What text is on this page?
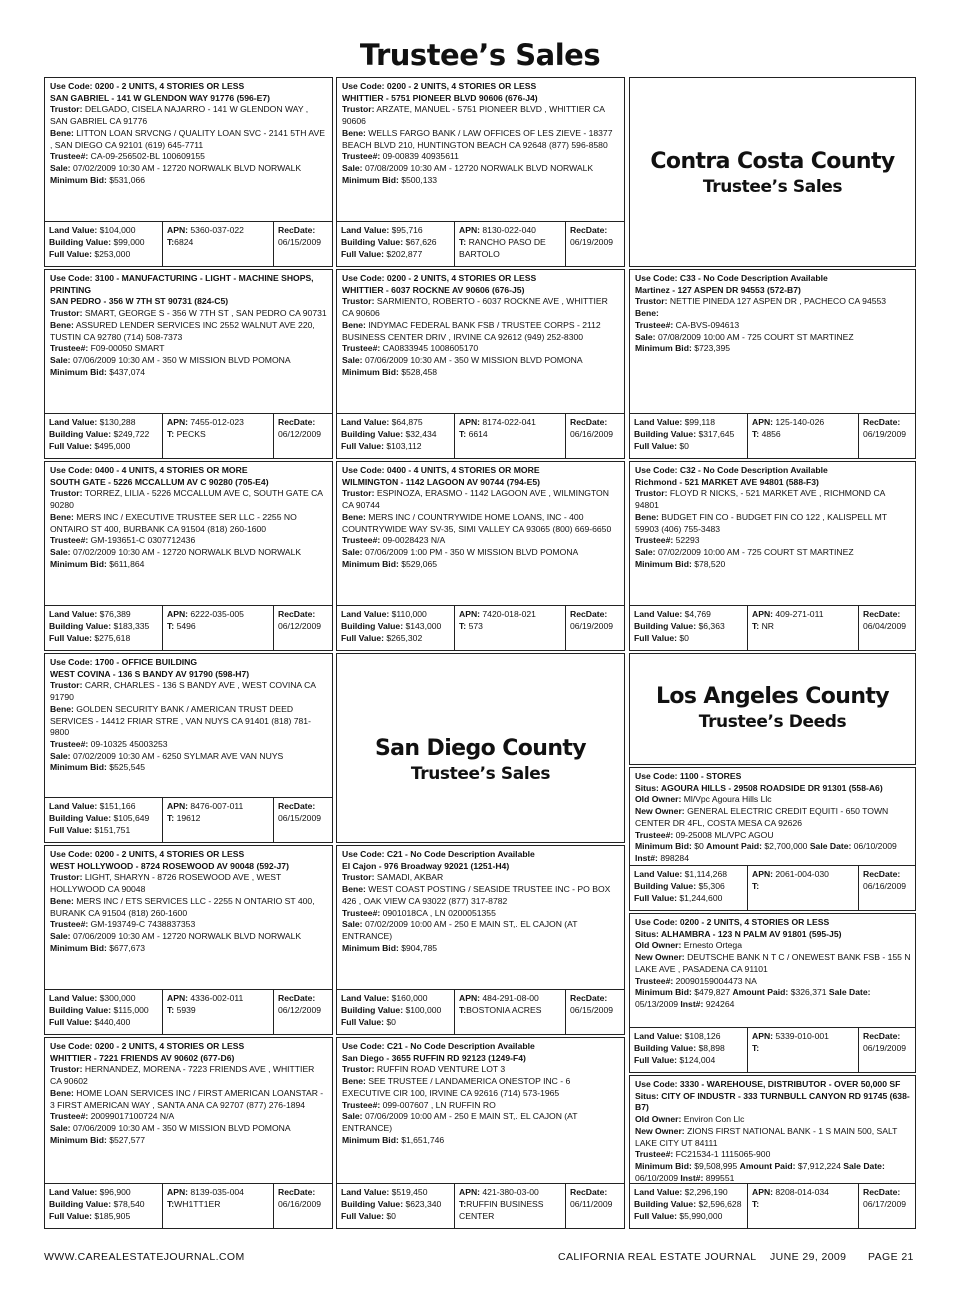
Trustee’s Sales
Use Code: 0200 - 2 UNITS, 4 STORIES OR LESS
SAN GABRIEL - 141 W GLENDON WAY 91776 (596-E7)
Trustor: DELGADO, CISELA NAJARRO - 141 W GLENDON WAY , SAN GABRIEL CA 91776
Bene: LITTON LOAN SRVCNG / QUALITY LOAN SVC - 2141 5TH AVE , SAN DIEGO CA 92101 (619) 645-7711
Trustee#: CA-09-256502-BL 100609155
Sale: 07/02/2009 10:30 AM - 12720 NORWALK BLVD NORWALK
Minimum Bid: $531,066
Land Value: $104,000
Building Value: $99,000
Full Value: $253,000
APN: 5360-037-022
T:6824
RecDate:
06/15/2009
Use Code: 0200 - 2 UNITS, 4 STORIES OR LESS
WHITTIER - 5751 PIONEER BLVD 90606 (676-J4)
Trustor: ARZATE, MANUEL - 5751 PIONEER BLVD , WHITTIER CA 90606
Bene: WELLS FARGO BANK / LAW OFFICES OF LES ZIEVE - 18377 BEACH BLVD 210, HUNTINGTON BEACH CA 92648 (877) 596-8580
Trustee#: 09-00839 40935611
Sale: 07/08/2009 10:30 AM - 12720 NORWALK BLVD NORWALK
Minimum Bid: $500,133
Land Value: $95,716
Building Value: $67,626
Full Value: $202,877
APN: 8130-022-040
T: RANCHO PASO DE BARTOLO
RecDate:
06/19/2009
Contra Costa County
Trustee’s Sales
Use Code: 3100 - MANUFACTURING - LIGHT - MACHINE SHOPS, PRINTING
SAN PEDRO - 356 W 7TH ST 90731 (824-C5)
Trustor: SMART, GEORGE S - 356 W 7TH ST , SAN PEDRO CA 90731
Bene: ASSURED LENDER SERVICES INC 2552 WALNUT AVE 220, TUSTIN CA 92780 (714) 508-7373
Trustee#: F09-00050 SMART
Sale: 07/06/2009 10:30 AM - 350 W MISSION BLVD POMONA
Minimum Bid: $437,074
Land Value: $130,288
Building Value: $249,722
Full Value: $495,000
APN: 7455-012-023
T: PECKS
RecDate:
06/12/2009
Use Code: 0200 - 2 UNITS, 4 STORIES OR LESS
WHITTIER - 6037 ROCKNE AV 90606 (676-J5)
Trustor: SARMIENTO, ROBERTO - 6037 ROCKNE AVE , WHITTIER CA 90606
Bene: INDYMAC FEDERAL BANK FSB / TRUSTEE CORPS - 2112 BUSINESS CENTER DRIV , IRVINE CA 92612 (949) 252-8300
Trustee#: CA0833945 1008605170
Sale: 07/06/2009 10:30 AM - 350 W MISSION BLVD POMONA
Minimum Bid: $528,458
Land Value: $64,875
Building Value: $32,434
Full Value: $103,112
APN: 8174-022-041
T: 6614
RecDate:
06/16/2009
Use Code: C33 - No Code Description Available
Martinez - 127 ASPEN DR 94553 (572-B7)
Trustor: NETTIE PINEDA 127 ASPEN DR , PACHECO CA 94553
Bene:
Trustee#: CA-BVS-094613
Sale: 07/08/2009 10:00 AM - 725 COURT ST MARTINEZ
Minimum Bid: $723,395
Land Value: $99,118
Building Value: $317,645
Full Value: $0
APN: 125-140-026
T: 4856
RecDate:
06/19/2009
Use Code: 0400 - 4 UNITS, 4 STORIES OR MORE
SOUTH GATE - 5226 MCCALLUM AV C 90280 (705-E4)
Trustor: TORREZ, LILIA - 5226 MCCALLUM AVE C, SOUTH GATE CA 90280
Bene: MERS INC / EXECUTIVE TRUSTEE SER LLC - 2255 NO ONTAIRO ST 400, BURBANK CA 91504 (818) 260-1600
Trustee#: GM-193651-C 0307712436
Sale: 07/02/2009 10:30 AM - 12720 NORWALK BLVD NORWALK
Minimum Bid: $611,864
Land Value: $76,389
Building Value: $183,335
Full Value: $275,618
APN: 6222-035-005
T: 5496
RecDate:
06/12/2009
Use Code: 0400 - 4 UNITS, 4 STORIES OR MORE
WILMINGTON - 1142 LAGOON AV 90744 (794-E5)
Trustor: ESPINOZA, ERASMO - 1142 LAGOON AVE , WILMINGTON CA 90744
Bene: MERS INC / COUNTRYWIDE HOME LOANS, INC - 400 COUNTRYWIDE WAY SV-35, SIMI VALLEY CA 93065 (800) 669-6650
Trustee#: 09-0028423 N/A
Sale: 07/06/2009 1:00 PM - 350 W MISSION BLVD POMONA
Minimum Bid: $529,065
Land Value: $110,000
Building Value: $143,000
Full Value: $265,302
APN: 7420-018-021
T: 573
RecDate:
06/19/2009
Use Code: C32 - No Code Description Available
Richmond - 521 MARKET AVE 94801 (588-F3)
Trustor: FLOYD R NICKS, - 521 MARKET AVE , RICHMOND CA 94801
Bene: BUDGET FIN CO - BUDGET FIN CO 122 , KALISPELL MT 59903 (406) 755-3483
Trustee#: 52293
Sale: 07/02/2009 10:00 AM - 725 COURT ST MARTINEZ
Minimum Bid: $78,520
Land Value: $4,769
Building Value: $6,363
Full Value: $0
APN: 409-271-011
T: NR
RecDate:
06/04/2009
Use Code: 1700 - OFFICE BUILDING
WEST COVINA - 136 S BANDY AV 91790 (598-H7)
Trustor: CARR, CHARLES - 136 S BANDY AVE , WEST COVINA CA 91790
Bene: GOLDEN SECURITY BANK / AMERICAN TRUST DEED SERVICES - 14412 FRIAR STRE , VAN NUYS CA 91401 (818) 781-9800
Trustee#: 09-10325 45003253
Sale: 07/02/2009 10:30 AM - 6250 SYLMAR AVE VAN NUYS
Minimum Bid: $525,545
Land Value: $151,166
Building Value: $105,649
Full Value: $151,751
APN: 8476-007-011
T: 19612
RecDate:
06/15/2009
San Diego County
Trustee’s Sales
Los Angeles County
Trustee’s Deeds
Use Code: 1100 - STORES
Situs: AGOURA HILLS - 29508 ROADSIDE DR 91301 (558-A6)
Old Owner: Ml/Vpc Agoura Hills Llc
New Owner: GENERAL ELECTRIC CREDIT EQUITI - 650 TOWN CENTER DR 4FL, COSTA MESA CA 92626
Trustee#: 09-25008 ML/VPC AGOU
Minimum Bid: $0 Amount Paid: $2,700,000 Sale Date: 06/10/2009 Inst#: 898284
Land Value: $1,114,268
Building Value: $5,306
Full Value: $1,244,600
APN: 2061-004-030
T:
RecDate:
06/16/2009
Use Code: 0200 - 2 UNITS, 4 STORIES OR LESS
WEST HOLLYWOOD - 8724 ROSEWOOD AV 90048 (592-J7)
Trustor: LIGHT, SHARYN - 8726 ROSEWOOD AVE , WEST HOLLYWOOD CA 90048
Bene: MERS INC / ETS SERVICES LLC - 2255 N ONTARIO ST 400, BURANK CA 91504 (818) 260-1600
Trustee#: GM-193749-C 7438837353
Sale: 07/06/2009 10:30 AM - 12720 NORWALK BLVD NORWALK
Minimum Bid: $677,673
Land Value: $300,000
Building Value: $115,000
Full Value: $440,400
APN: 4336-002-011
T: 5939
RecDate:
06/12/2009
Use Code: C21 - No Code Description Available
El Cajon - 976 Broadway 92021 (1251-H4)
Trustor: SAMADI, AKBAR
Bene: WEST COAST POSTING / SEASIDE TRUSTEE INC - PO BOX 426 , OAK VIEW CA 93022 (877) 317-8782
Trustee#: 0901018CA , LN 0200051355
Sale: 07/02/2009 10:00 AM - 250 E MAIN ST,. EL CAJON (AT ENTRANCE)
Minimum Bid: $904,785
Land Value: $160,000
Building Value: $100,000
Full Value: $0
APN: 484-291-08-00
T:BOSTONIA ACRES
RecDate:
06/15/2009
Use Code: 0200 - 2 UNITS, 4 STORIES OR LESS
Situs: ALHAMBRA - 123 N PALM AV 91801 (595-J5)
Old Owner: Ernesto Ortega
New Owner: DEUTSCHE BANK N T C / ONEWEST BANK FSB - 155 N LAKE AVE , PASADENA CA 91101
Trustee#: 20090159004473 NA
Minimum Bid: $479,827 Amount Paid: $326,371 Sale Date: 05/13/2009 Inst#: 924264
Land Value: $108,126
Building Value: $8,898
Full Value: $124,004
APN: 5339-010-001
T:
RecDate:
06/19/2009
Use Code: 0200 - 2 UNITS, 4 STORIES OR LESS
WHITTIER - 7221 FRIENDS AV 90602 (677-D6)
Trustor: HERNANDEZ, MORENA - 7223 FRIENDS AVE , WHITTIER CA 90602
Bene: HOME LOAN SERVICES INC / FIRST AMERICAN LOANSTAR - 3 FIRST AMERICAN WAY , SANTA ANA CA 92707 (877) 276-1894
Trustee#: 20099017100724 N/A
Sale: 07/06/2009 10:30 AM - 350 W MISSION BLVD POMONA
Minimum Bid: $527,577
Land Value: $96,900
Building Value: $78,540
Full Value: $185,905
APN: 8139-035-004
T:WH1TT1ER
RecDate:
06/16/2009
Use Code: C21 - No Code Description Available
San Diego - 3655 RUFFIN RD 92123 (1249-F4)
Trustor: RUFFIN ROAD VENTURE LOT 3
Bene: SEE TRUSTEE / LANDAMERICA ONESTOP INC - 6 EXECUTIVE CIR 100, IRVINE CA 92616 (714) 573-1965
Trustee#: 099-007607 , LN RUFFIN RO
Sale: 07/06/2009 10:00 AM - 250 E MAIN ST,. EL CAJON (AT ENTRANCE)
Minimum Bid: $1,651,746
Land Value: $519,450
Building Value: $623,340
Full Value: $0
APN: 421-380-03-00
T:RUFFIN BUSINESS CENTER
RecDate:
06/11/2009
Use Code: 3330 - WAREHOUSE, DISTRIBUTOR - OVER 50,000 SF
Situs: CITY OF INDUSTR - 333 TURNBULL CANYON RD 91745 (638-B7)
Old Owner: Environ Con Llc
New Owner: ZIONS FIRST NATIONAL BANK - 1 S MAIN 500, SALT LAKE CITY UT 84111
Trustee#: FC21534-1 1115065-900
Minimum Bid: $9,508,995 Amount Paid: $7,912,224 Sale Date: 06/10/2009 Inst#: 899551
Land Value: $2,296,190
Building Value: $2,596,628
Full Value: $5,990,000
APN: 8208-014-034
T:
RecDate:
06/17/2009
WWW.CAREALESTATEJOURNAL.COM	CALIFORNIA REAL ESTATE JOURNAL JUNE 29, 2009 PAGE 21
